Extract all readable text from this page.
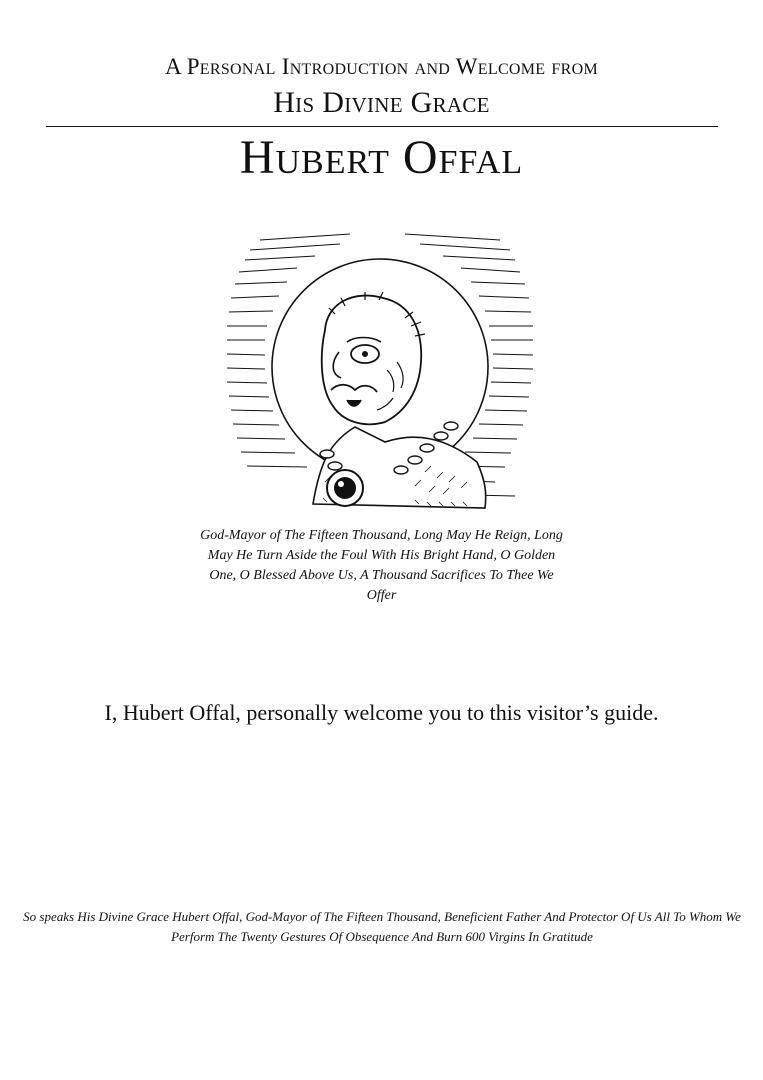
A Personal Introduction and Welcome from
His Divine Grace
Hubert Offal
God-Mayor of The Fifteen Thousand, Long May He Reign, Long May He Turn Aside the Foul With His Bright Hand, O Golden One, O Blessed Above Us, A Thousand Sacrifices To Thee We Offer
I, Hubert Offal, personally welcome you to this visitor’s guide.
So speaks His Divine Grace Hubert Offal, God-Mayor of The Fifteen Thousand, Beneficient Father And Protector Of Us All To Whom We Perform The Twenty Gestures Of Obsequence And Burn 600 Virgins In Gratitude
